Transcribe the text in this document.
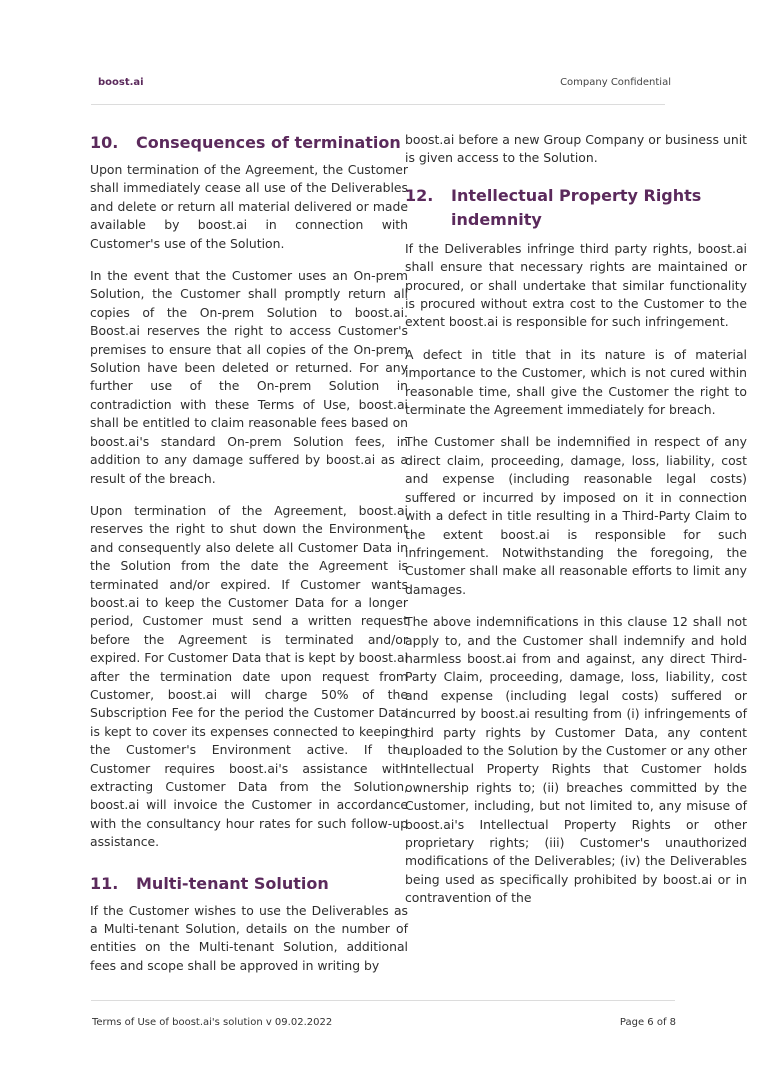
boost.ai	Company Confidential
10.	Consequences of termination

Upon termination of the Agreement, the Customer shall immediately cease all use of the Deliverables and delete or return all material delivered or made available by boost.ai in connection with Customer's use of the Solution.

In the event that the Customer uses an On-prem Solution, the Customer shall promptly return all copies of the On-prem Solution to boost.ai. Boost.ai reserves the right to access Customer's premises to ensure that all copies of the On-prem Solution have been deleted or returned. For any further use of the On-prem Solution in contradiction with these Terms of Use, boost.ai shall be entitled to claim reasonable fees based on boost.ai's standard On-prem Solution fees, in addition to any damage suffered by boost.ai as a result of the breach.

Upon termination of the Agreement, boost.ai reserves the right to shut down the Environment and consequently also delete all Customer Data in the Solution from the date the Agreement is terminated and/or expired. If Customer wants boost.ai to keep the Customer Data for a longer period, Customer must send a written request before the Agreement is terminated and/or expired. For Customer Data that is kept by boost.ai after the termination date upon request from Customer, boost.ai will charge 50% of the Subscription Fee for the period the Customer Data is kept to cover its expenses connected to keeping the Customer's Environment active. If the Customer requires boost.ai's assistance with extracting Customer Data from the Solution, boost.ai will invoice the Customer in accordance with the consultancy hour rates for such follow-up assistance.

11.	Multi-tenant Solution

If the Customer wishes to use the Deliverables as a Multi-tenant Solution, details on the number of entities on the Multi-tenant Solution, additional fees and scope shall be approved in writing by

boost.ai before a new Group Company or business unit is given access to the Solution.

12.	Intellectual Property Rights indemnity

If the Deliverables infringe third party rights, boost.ai shall ensure that necessary rights are maintained or procured, or shall undertake that similar functionality is procured without extra cost to the Customer to the extent boost.ai is responsible for such infringement.

A defect in title that in its nature is of material importance to the Customer, which is not cured within reasonable time, shall give the Customer the right to terminate the Agreement immediately for breach.

The Customer shall be indemnified in respect of any direct claim, proceeding, damage, loss, liability, cost and expense (including reasonable legal costs) suffered or incurred by imposed on it in connection with a defect in title resulting in a Third-Party Claim to the extent boost.ai is responsible for such infringement. Notwithstanding the foregoing, the Customer shall make all reasonable efforts to limit any damages.

The above indemnifications in this clause 12 shall not apply to, and the Customer shall indemnify and hold harmless boost.ai from and against, any direct Third-Party Claim, proceeding, damage, loss, liability, cost and expense (including legal costs) suffered or incurred by boost.ai resulting from (i) infringements of third party rights by Customer Data, any content uploaded to the Solution by the Customer or any other Intellectual Property Rights that Customer holds ownership rights to; (ii) breaches committed by the Customer, including, but not limited to, any misuse of boost.ai's Intellectual Property Rights or other proprietary rights; (iii) Customer's unauthorized modifications of the Deliverables; (iv) the Deliverables being used as specifically prohibited by boost.ai or in contravention of the

Terms of Use of boost.ai's solution v 09.02.2022	Page 6 of 8
